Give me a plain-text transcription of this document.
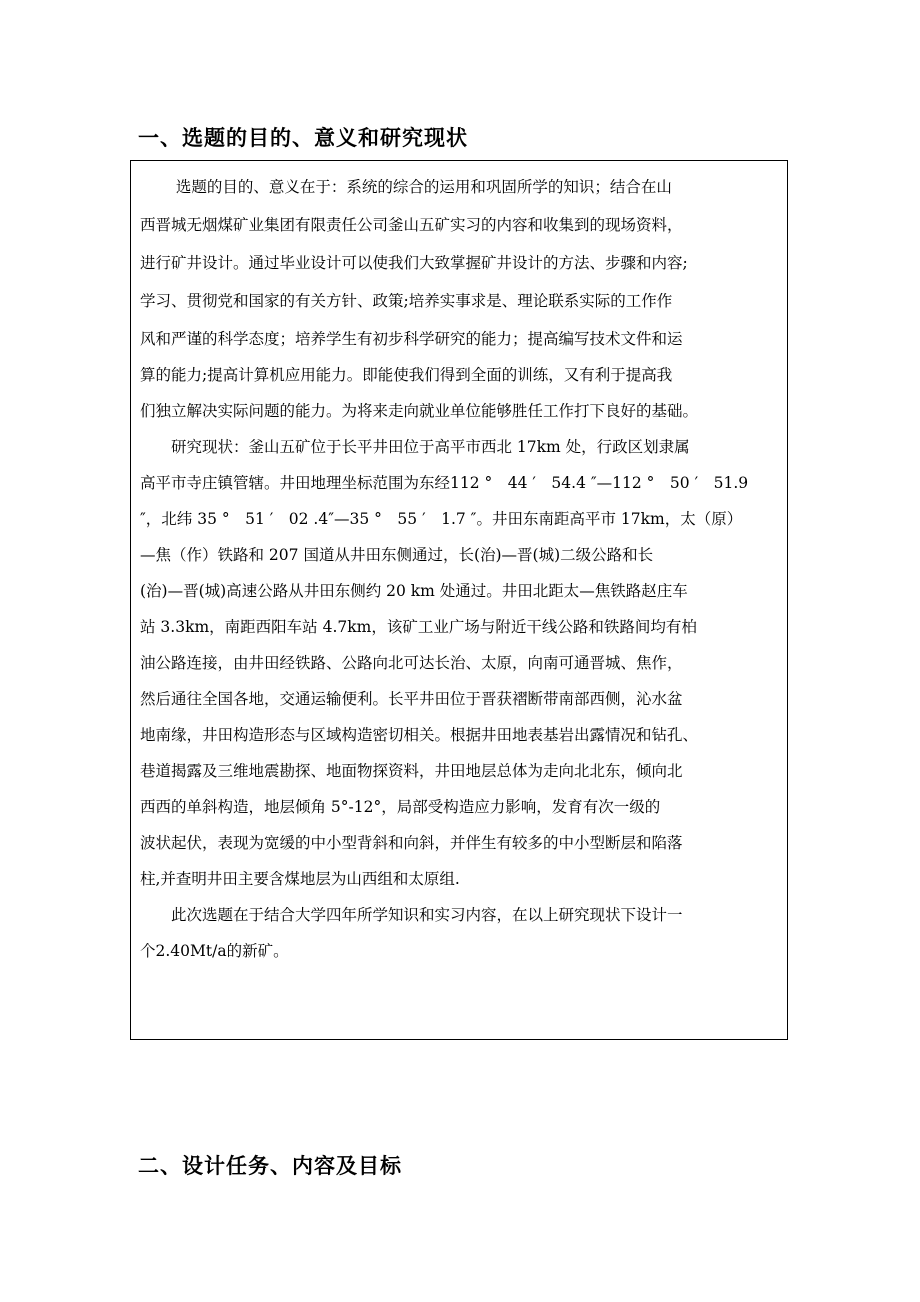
一、选题的目的、意义和研究现状
　　 选题的目的、意义在于：系统的综合的运用和巩固所学的知识；结合在山
西晋城无烟煤矿业集团有限责任公司釜山五矿实习的内容和收集到的现场资料，
进行矿井设计。通过毕业设计可以使我们大致掌握矿井设计的方法、步骤和内容;
学习、贯彻党和国家的有关方针、政策;培养实事求是、理论联系实际的工作作
风和严谨的科学态度；培养学生有初步科学研究的能力；提高编写技术文件和运
算的能力;提高计算机应用能力。即能使我们得到全面的训练，又有利于提高我
们独立解决实际问题的能力。为将来走向就业单位能够胜任工作打下良好的基础。
　　研究现状：釜山五矿位于长平井田位于高平市西北 17km 处，行政区划隶属
高平市寺庄镇管辖。井田地理坐标范围为东经112 °　44 ′　54.4 ″—112 °　50 ′　51.9
″，北纬 35 °　51 ′　02 .4″—35 °　55 ′　1.7 ″。井田东南距高平市 17km，太（原）
—焦（作）铁路和 207 国道从井田东侧通过，长(治)—晋(城)二级公路和长
(治)—晋(城)高速公路从井田东侧约 20 km 处通过。井田北距太—焦铁路赵庄车
站 3.3km，南距西阳车站 4.7km，该矿工业广场与附近干线公路和铁路间均有柏
油公路连接，由井田经铁路、公路向北可达长治、太原，向南可通晋城、焦作，
然后通往全国各地，交通运输便利。长平井田位于晋获褶断带南部西侧，沁水盆
地南缘，井田构造形态与区域构造密切相关。根据井田地表基岩出露情况和钻孔、
巷道揭露及三维地震勘探、地面物探资料，井田地层总体为走向北北东，倾向北
西西的单斜构造，地层倾角 5°-12°，局部受构造应力影响，发育有次一级的
波状起伏，表现为宽缓的中小型背斜和向斜，并伴生有较多的中小型断层和陷落
柱,并查明井田主要含煤地层为山西组和太原组.
　　此次选题在于结合大学四年所学知识和实习内容，在以上研究现状下设计一
个2.40Mt/a的新矿。
二、设计任务、内容及目标
